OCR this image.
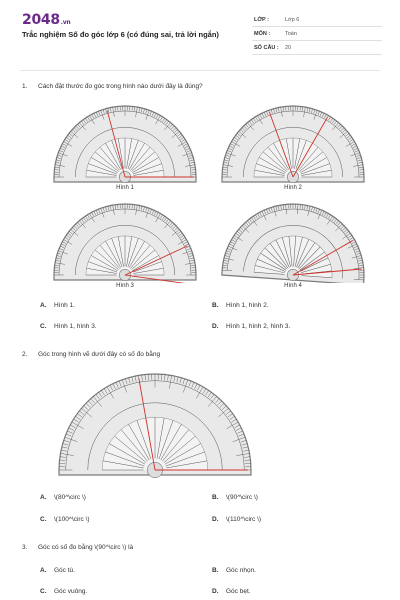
2048.vn
Trắc nghiệm Số đo góc lớp 6 (có đúng sai, trả lời ngắn)
LỚP :	Lớp 6
MÔN :	Toán
SỐ CÂU : 20
1. Cách đặt thước đo góc trong hình nào dưới đây là đúng?
Hình 1	Hình 2
Hình 3	Hình 4
A. Hình 1.	B. Hình 1, hình 2.
C. Hình 1, hình 3.	D. Hình 1, hình 2, hình 3.
2. Góc trong hình vẽ dưới đây có số đo bằng
A. \(80^\circ \)	B. \(90^\circ \)
C. \(100^\circ \)	D. \(110^\circ \)
3. Góc có số đo bằng \(90^\circ \) là
A. Góc tù.	B. Góc nhọn.
C. Góc vuông.	D. Góc bẹt.
